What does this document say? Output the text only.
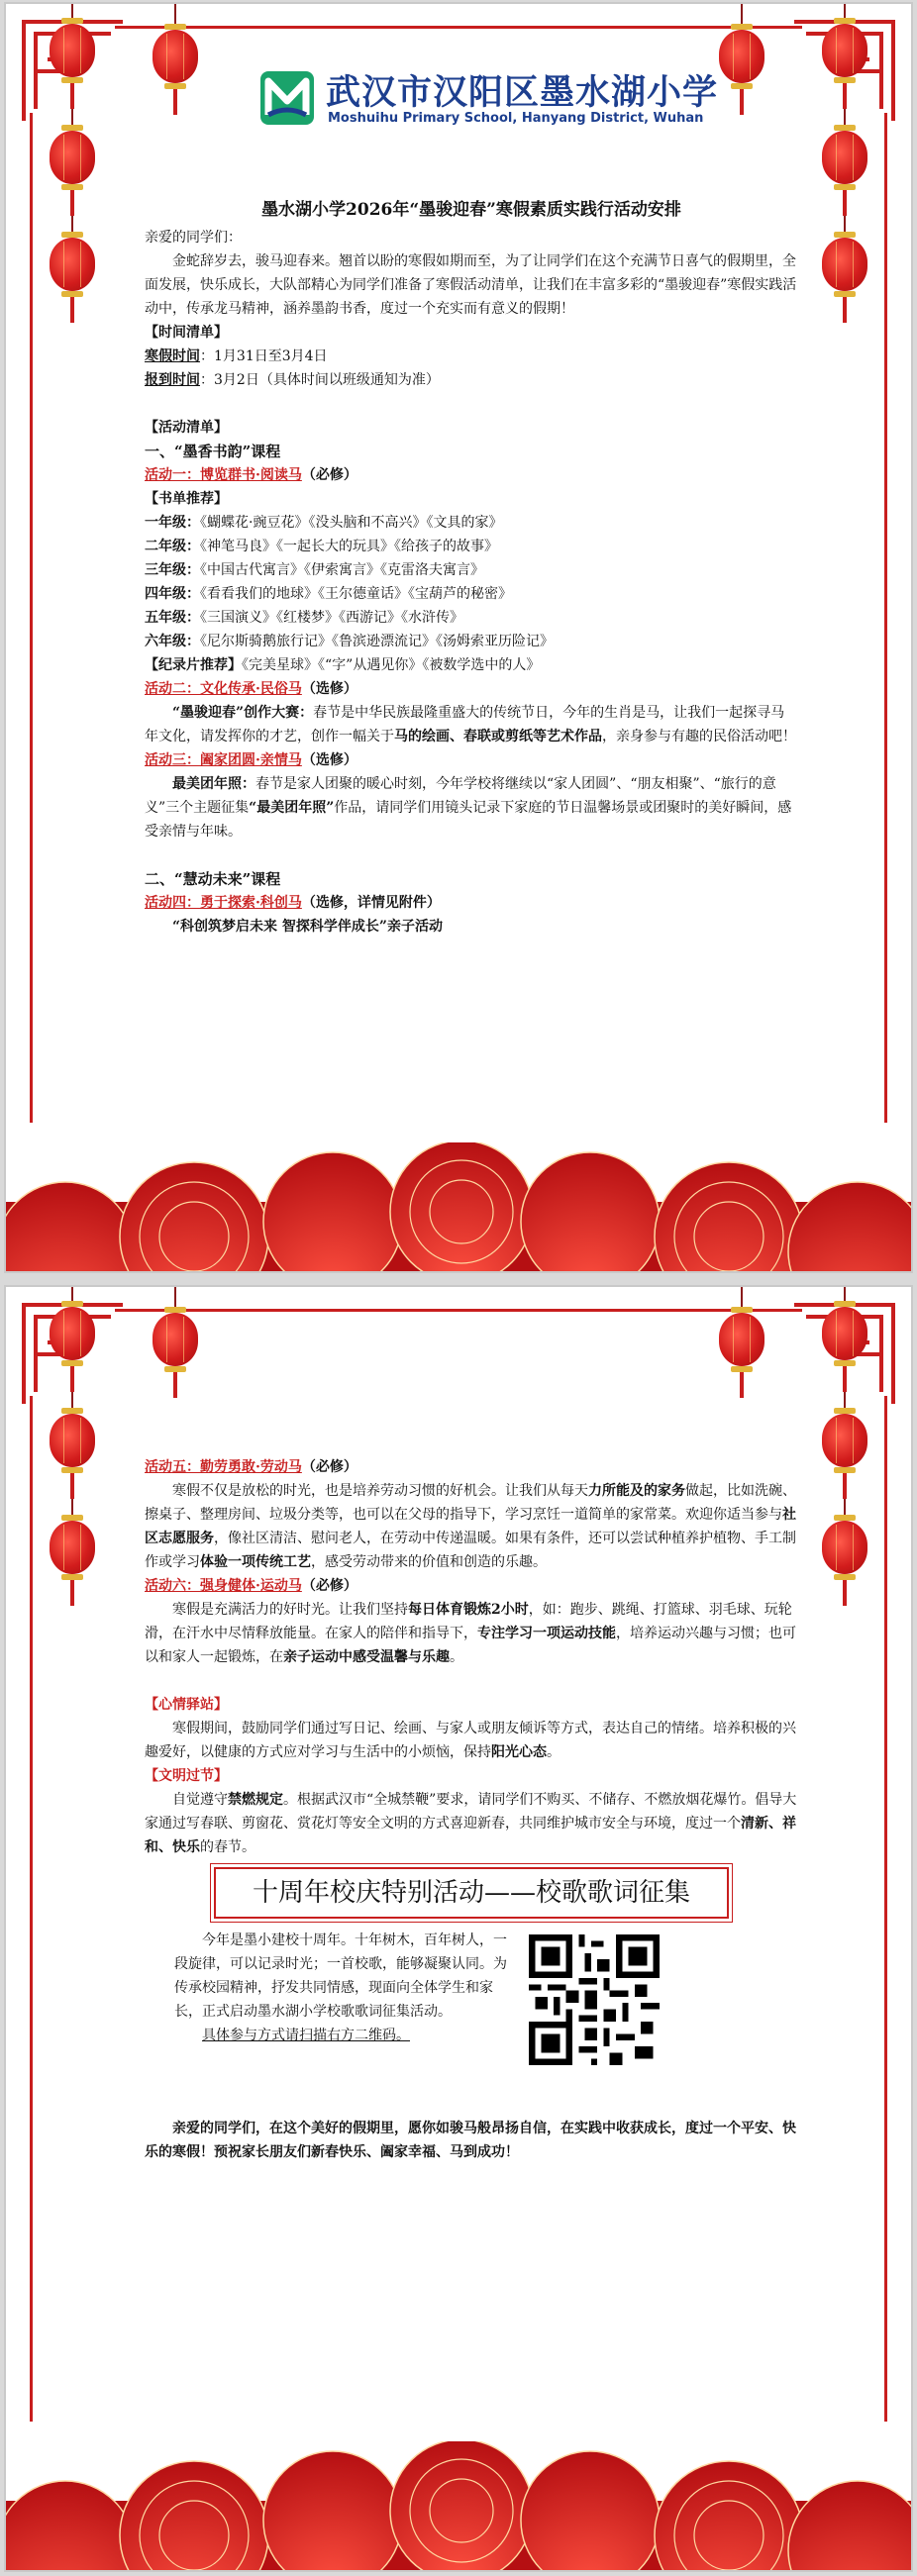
武汉市汉阳区墨水湖小学
Moshuihu Primary School, Hanyang District, Wuhan
墨水湖小学2026年“墨骏迎春”寒假素质实践行活动安排

亲爱的同学们：

金蛇辞岁去，骏马迎春来。翘首以盼的寒假如期而至，为了让同学们在这个充满节日喜气的假期里，全面发展，快乐成长，大队部精心为同学们准备了寒假活动清单，让我们在丰富多彩的“墨骏迎春”寒假实践活动中，传承龙马精神，涵养墨韵书香，度过一个充实而有意义的假期！

【时间清单】

寒假时间：1月31日至3月4日

报到时间：3月2日（具体时间以班级通知为准）

【活动清单】

一、“墨香书韵”课程

活动一：博览群书·阅读马（必修）

【书单推荐】

一年级：《蝴蝶花·豌豆花》《没头脑和不高兴》《文具的家》

二年级：《神笔马良》《一起长大的玩具》《给孩子的故事》

三年级：《中国古代寓言》《伊索寓言》《克雷洛夫寓言》

四年级：《看看我们的地球》《王尔德童话》《宝葫芦的秘密》

五年级：《三国演义》《红楼梦》《西游记》《水浒传》

六年级：《尼尔斯骑鹅旅行记》《鲁滨逊漂流记》《汤姆索亚历险记》

【纪录片推荐】《完美星球》《“字”从遇见你》《被数学选中的人》

活动二：文化传承·民俗马（选修）

“墨骏迎春”创作大赛：春节是中华民族最隆重盛大的传统节日，今年的生肖是马，让我们一起探寻马年文化，请发挥你的才艺，创作一幅关于马的绘画、春联或剪纸等艺术作品，亲身参与有趣的民俗活动吧！

活动三：阖家团圆·亲情马（选修）

最美团年照：春节是家人团聚的暖心时刻，今年学校将继续以“家人团圆”、“朋友相聚”、“旅行的意义”三个主题征集“最美团年照”作品，请同学们用镜头记录下家庭的节日温馨场景或团聚时的美好瞬间，感受亲情与年味。

二、“慧动未来”课程

活动四：勇于探索·科创马（选修，详情见附件）

“科创筑梦启未来 智探科学伴成长”亲子活动

活动五：勤劳勇敢·劳动马（必修）

寒假不仅是放松的时光，也是培养劳动习惯的好机会。让我们从每天力所能及的家务做起，比如洗碗、擦桌子、整理房间、垃圾分类等，也可以在父母的指导下，学习烹饪一道简单的家常菜。欢迎你适当参与社区志愿服务，像社区清洁、慰问老人，在劳动中传递温暖。如果有条件，还可以尝试种植养护植物、手工制作或学习体验一项传统工艺，感受劳动带来的价值和创造的乐趣。

活动六：强身健体·运动马（必修）

寒假是充满活力的好时光。让我们坚持每日体育锻炼2小时，如：跑步、跳绳、打篮球、羽毛球、玩轮滑，在汗水中尽情释放能量。在家人的陪伴和指导下，专注学习一项运动技能，培养运动兴趣与习惯；也可以和家人一起锻炼，在亲子运动中感受温馨与乐趣。

【心情驿站】

寒假期间，鼓励同学们通过写日记、绘画、与家人或朋友倾诉等方式，表达自己的情绪。培养积极的兴趣爱好，以健康的方式应对学习与生活中的小烦恼，保持阳光心态。

【文明过节】

自觉遵守禁燃规定。根据武汉市“全城禁鞭”要求，请同学们不购买、不储存、不燃放烟花爆竹。倡导大家通过写春联、剪窗花、赏花灯等安全文明的方式喜迎新春，共同维护城市安全与环境，度过一个清新、祥和、快乐的春节。

十周年校庆特别活动——校歌歌词征集

今年是墨小建校十周年。十年树木，百年树人，一段旋律，可以记录时光；一首校歌，能够凝聚认同。为传承校园精神，抒发共同情感，现面向全体学生和家长，正式启动墨水湖小学校歌歌词征集活动。

具体参与方式请扫描右方二维码。

亲爱的同学们，在这个美好的假期里，愿你如骏马般昂扬自信，在实践中收获成长，度过一个平安、快乐的寒假！预祝家长朋友们新春快乐、阖家幸福、马到成功！
